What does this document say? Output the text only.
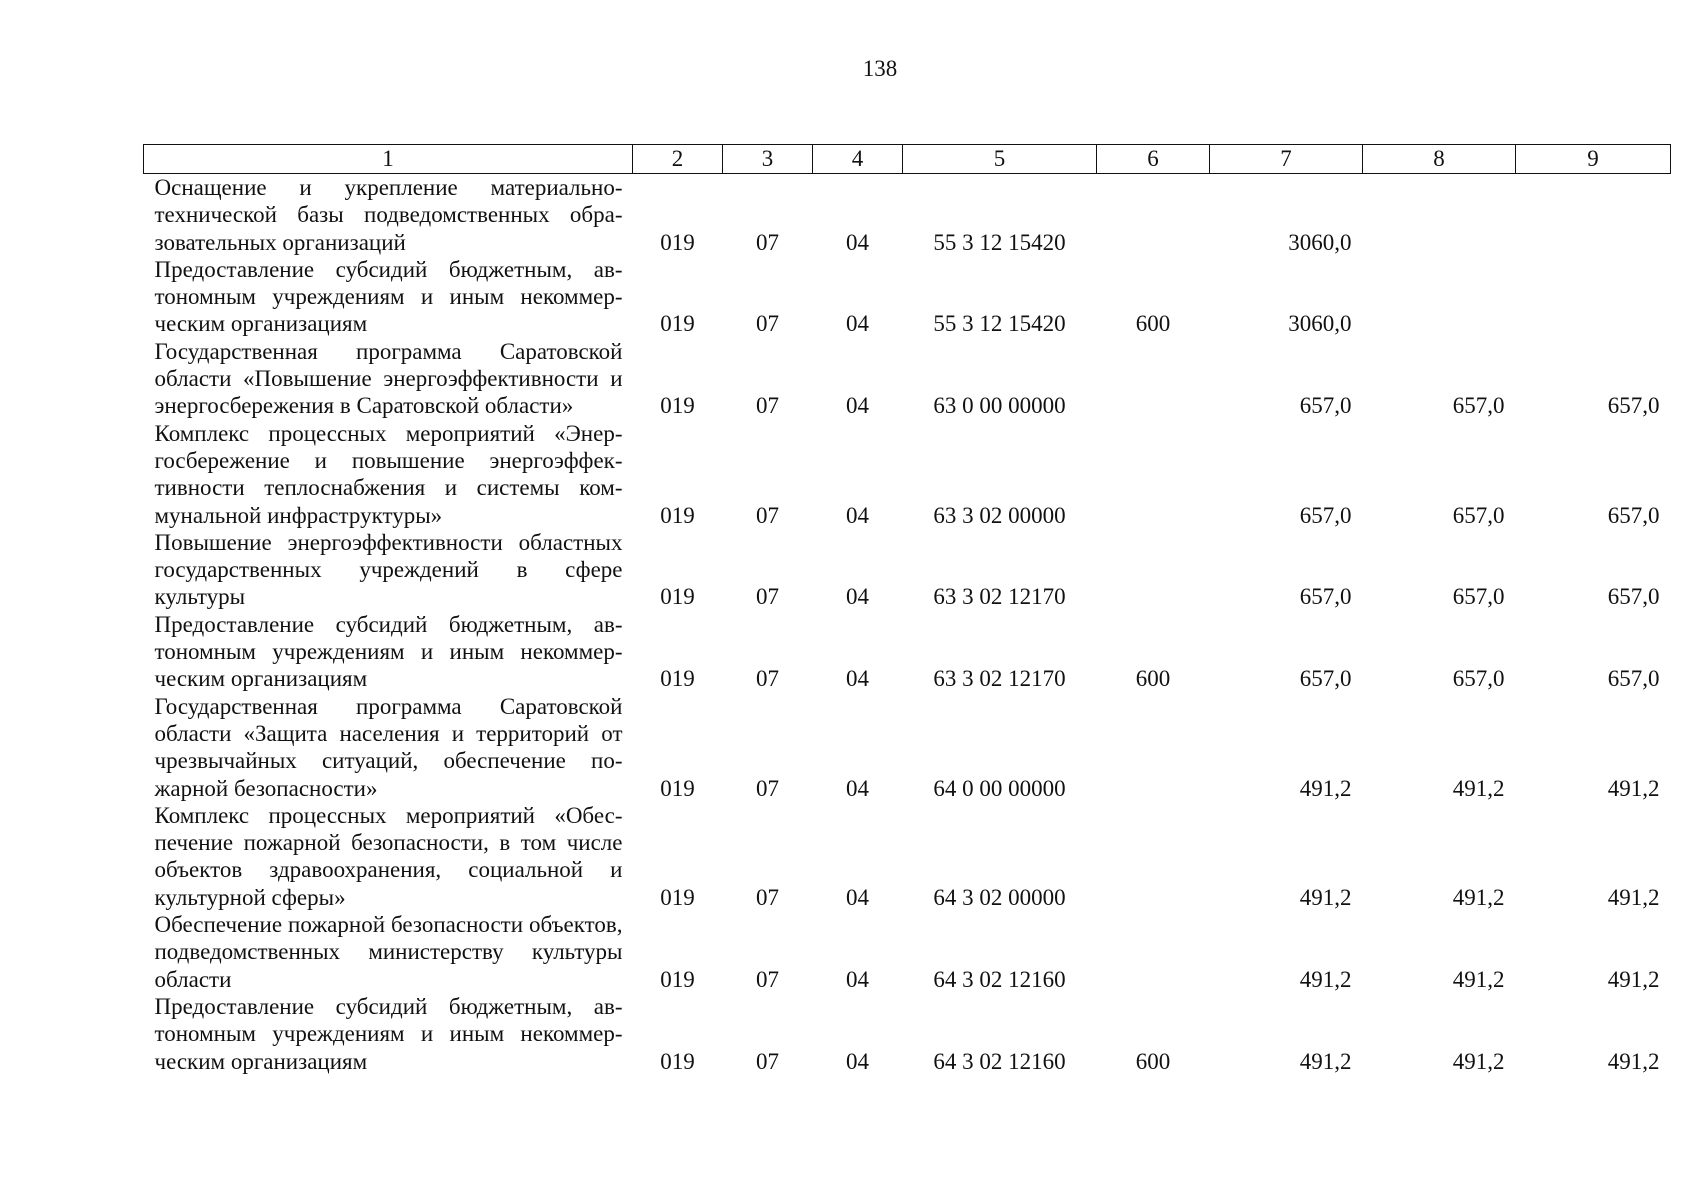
138
1	2	3	4	5	6	7	8	9
Оснащение и укрепление материально-технической базы подведомственных образовательных организаций	019	07	04	55 3 12 15420		3060,0		
Предоставление субсидий бюджетным, автономным учреждениям и иным некоммерческим организациям	019	07	04	55 3 12 15420	600	3060,0		
Государственная программа Саратовской области «Повышение энергоэффективности и энергосбережения в Саратовской области»	019	07	04	63 0 00 00000		657,0	657,0	657,0
Комплекс процессных мероприятий «Энергосбережение и повышение энергоэффективности теплоснабжения и системы коммунальной инфраструктуры»	019	07	04	63 3 02 00000		657,0	657,0	657,0
Повышение энергоэффективности облаcтных государственных учреждений в сфере культуры	019	07	04	63 3 02 12170		657,0	657,0	657,0
Предоставление субсидий бюджетным, автономным учреждениям и иным некоммерческим организациям	019	07	04	63 3 02 12170	600	657,0	657,0	657,0
Государственная программа Саратовской области «Защита населения и территорий от чрезвычайных ситуаций, обеспечение пожарной безопасности»	019	07	04	64 0 00 00000		491,2	491,2	491,2
Комплекс процессных мероприятий «Обеспечение пожарной безопасности, в том числе объектов здравоохранения, социальной и культурной сферы»	019	07	04	64 3 02 00000		491,2	491,2	491,2
Обеспечение пожарной безопасности объектов, подведомственных министерству культуры области	019	07	04	64 3 02 12160		491,2	491,2	491,2
Предоставление субсидий бюджетным, автономным учреждениям и иным некоммерческим организациям	019	07	04	64 3 02 12160	600	491,2	491,2	491,2
